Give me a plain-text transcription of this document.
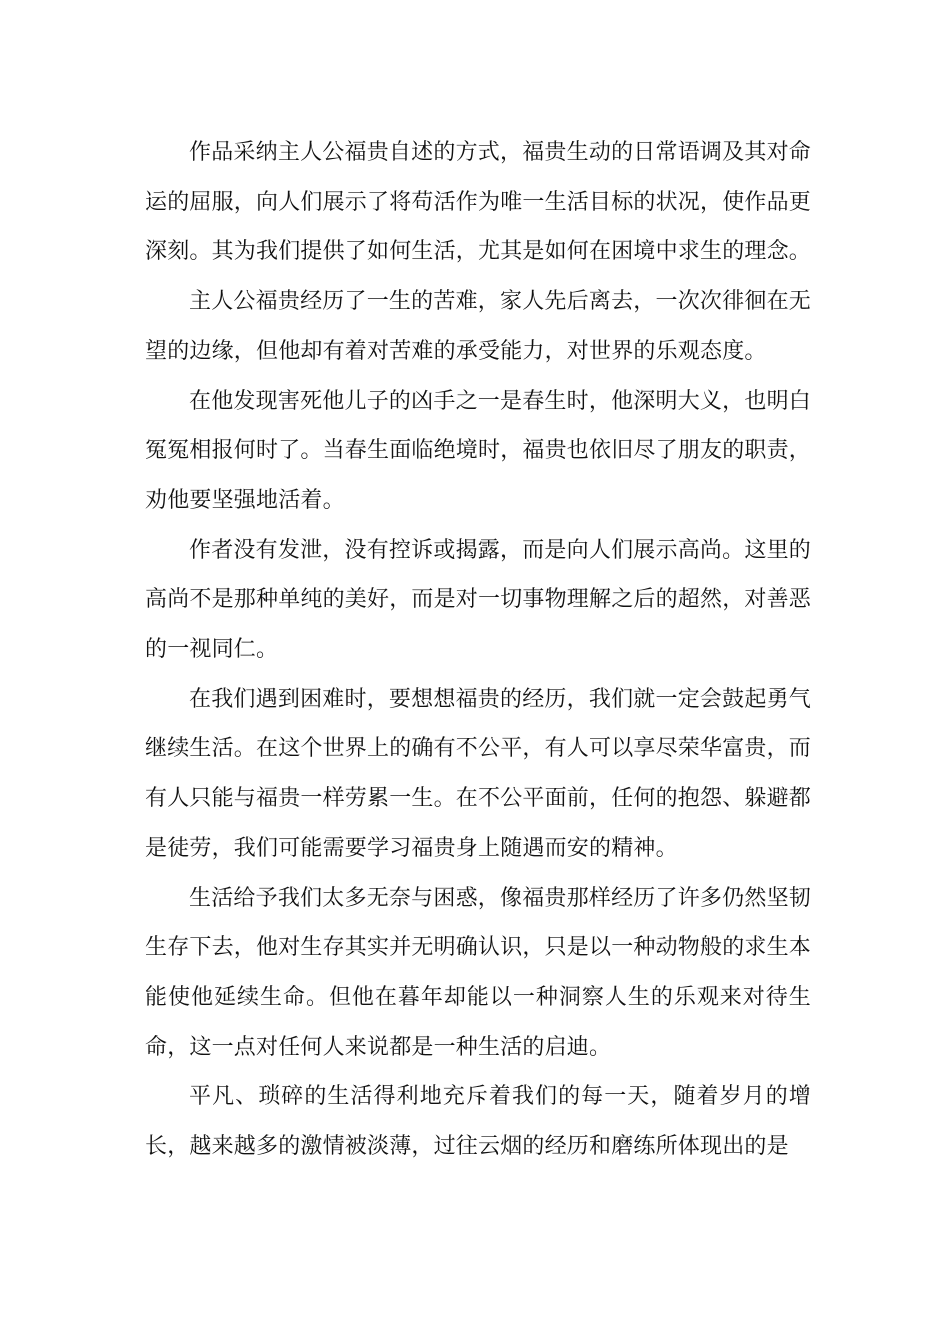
作品采纳主人公福贵自述的方式，福贵生动的日常语调及其对命运的屈服，向人们展示了将苟活作为唯一生活目标的状况，使作品更深刻。其为我们提供了如何生活，尤其是如何在困境中求生的理念。

主人公福贵经历了一生的苦难，家人先后离去，一次次徘徊在无望的边缘，但他却有着对苦难的承受能力，对世界的乐观态度。

在他发现害死他儿子的凶手之一是春生时，他深明大义，也明白冤冤相报何时了。当春生面临绝境时，福贵也依旧尽了朋友的职责，劝他要坚强地活着。

作者没有发泄，没有控诉或揭露，而是向人们展示高尚。这里的高尚不是那种单纯的美好，而是对一切事物理解之后的超然，对善恶的一视同仁。

在我们遇到困难时，要想想福贵的经历，我们就一定会鼓起勇气继续生活。在这个世界上的确有不公平，有人可以享尽荣华富贵，而有人只能与福贵一样劳累一生。在不公平面前，任何的抱怨、躲避都是徒劳，我们可能需要学习福贵身上随遇而安的精神。

生活给予我们太多无奈与困惑，像福贵那样经历了许多仍然坚韧生存下去，他对生存其实并无明确认识，只是以一种动物般的求生本能使他延续生命。但他在暮年却能以一种洞察人生的乐观来对待生命，这一点对任何人来说都是一种生活的启迪。

平凡、琐碎的生活得利地充斥着我们的每一天，随着岁月的增长，越来越多的激情被淡薄，过往云烟的经历和磨练所体现出的是
